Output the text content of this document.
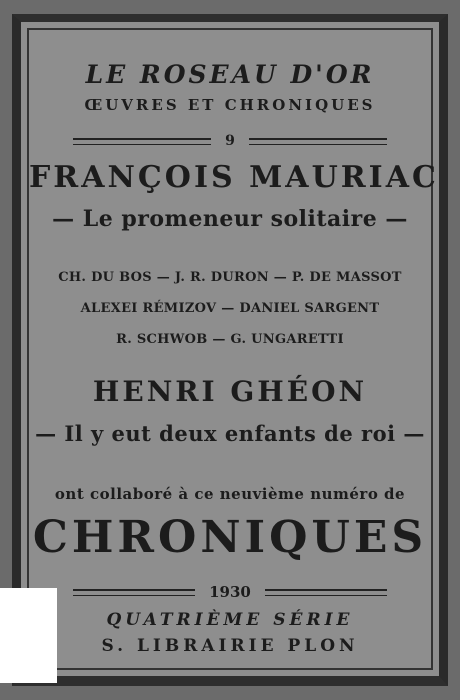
LE ROSEAU D'OR
ŒUVRES ET CHRONIQUES
9
FRANÇOIS MAURIAC
— Le promeneur solitaire —
CH. DU BOS — J. R. DURON — P. DE MASSOT
ALEXEI RÉMIZOV — DANIEL SARGENT
R. SCHWOB — G. UNGARETTI
HENRI GHÉON
— Il y eut deux enfants de roi —
ont collaboré à ce neuvième numéro de
CHRONIQUES
1930
QUATRIÈME SÉRIE
S. LIBRAIRIE PLON
